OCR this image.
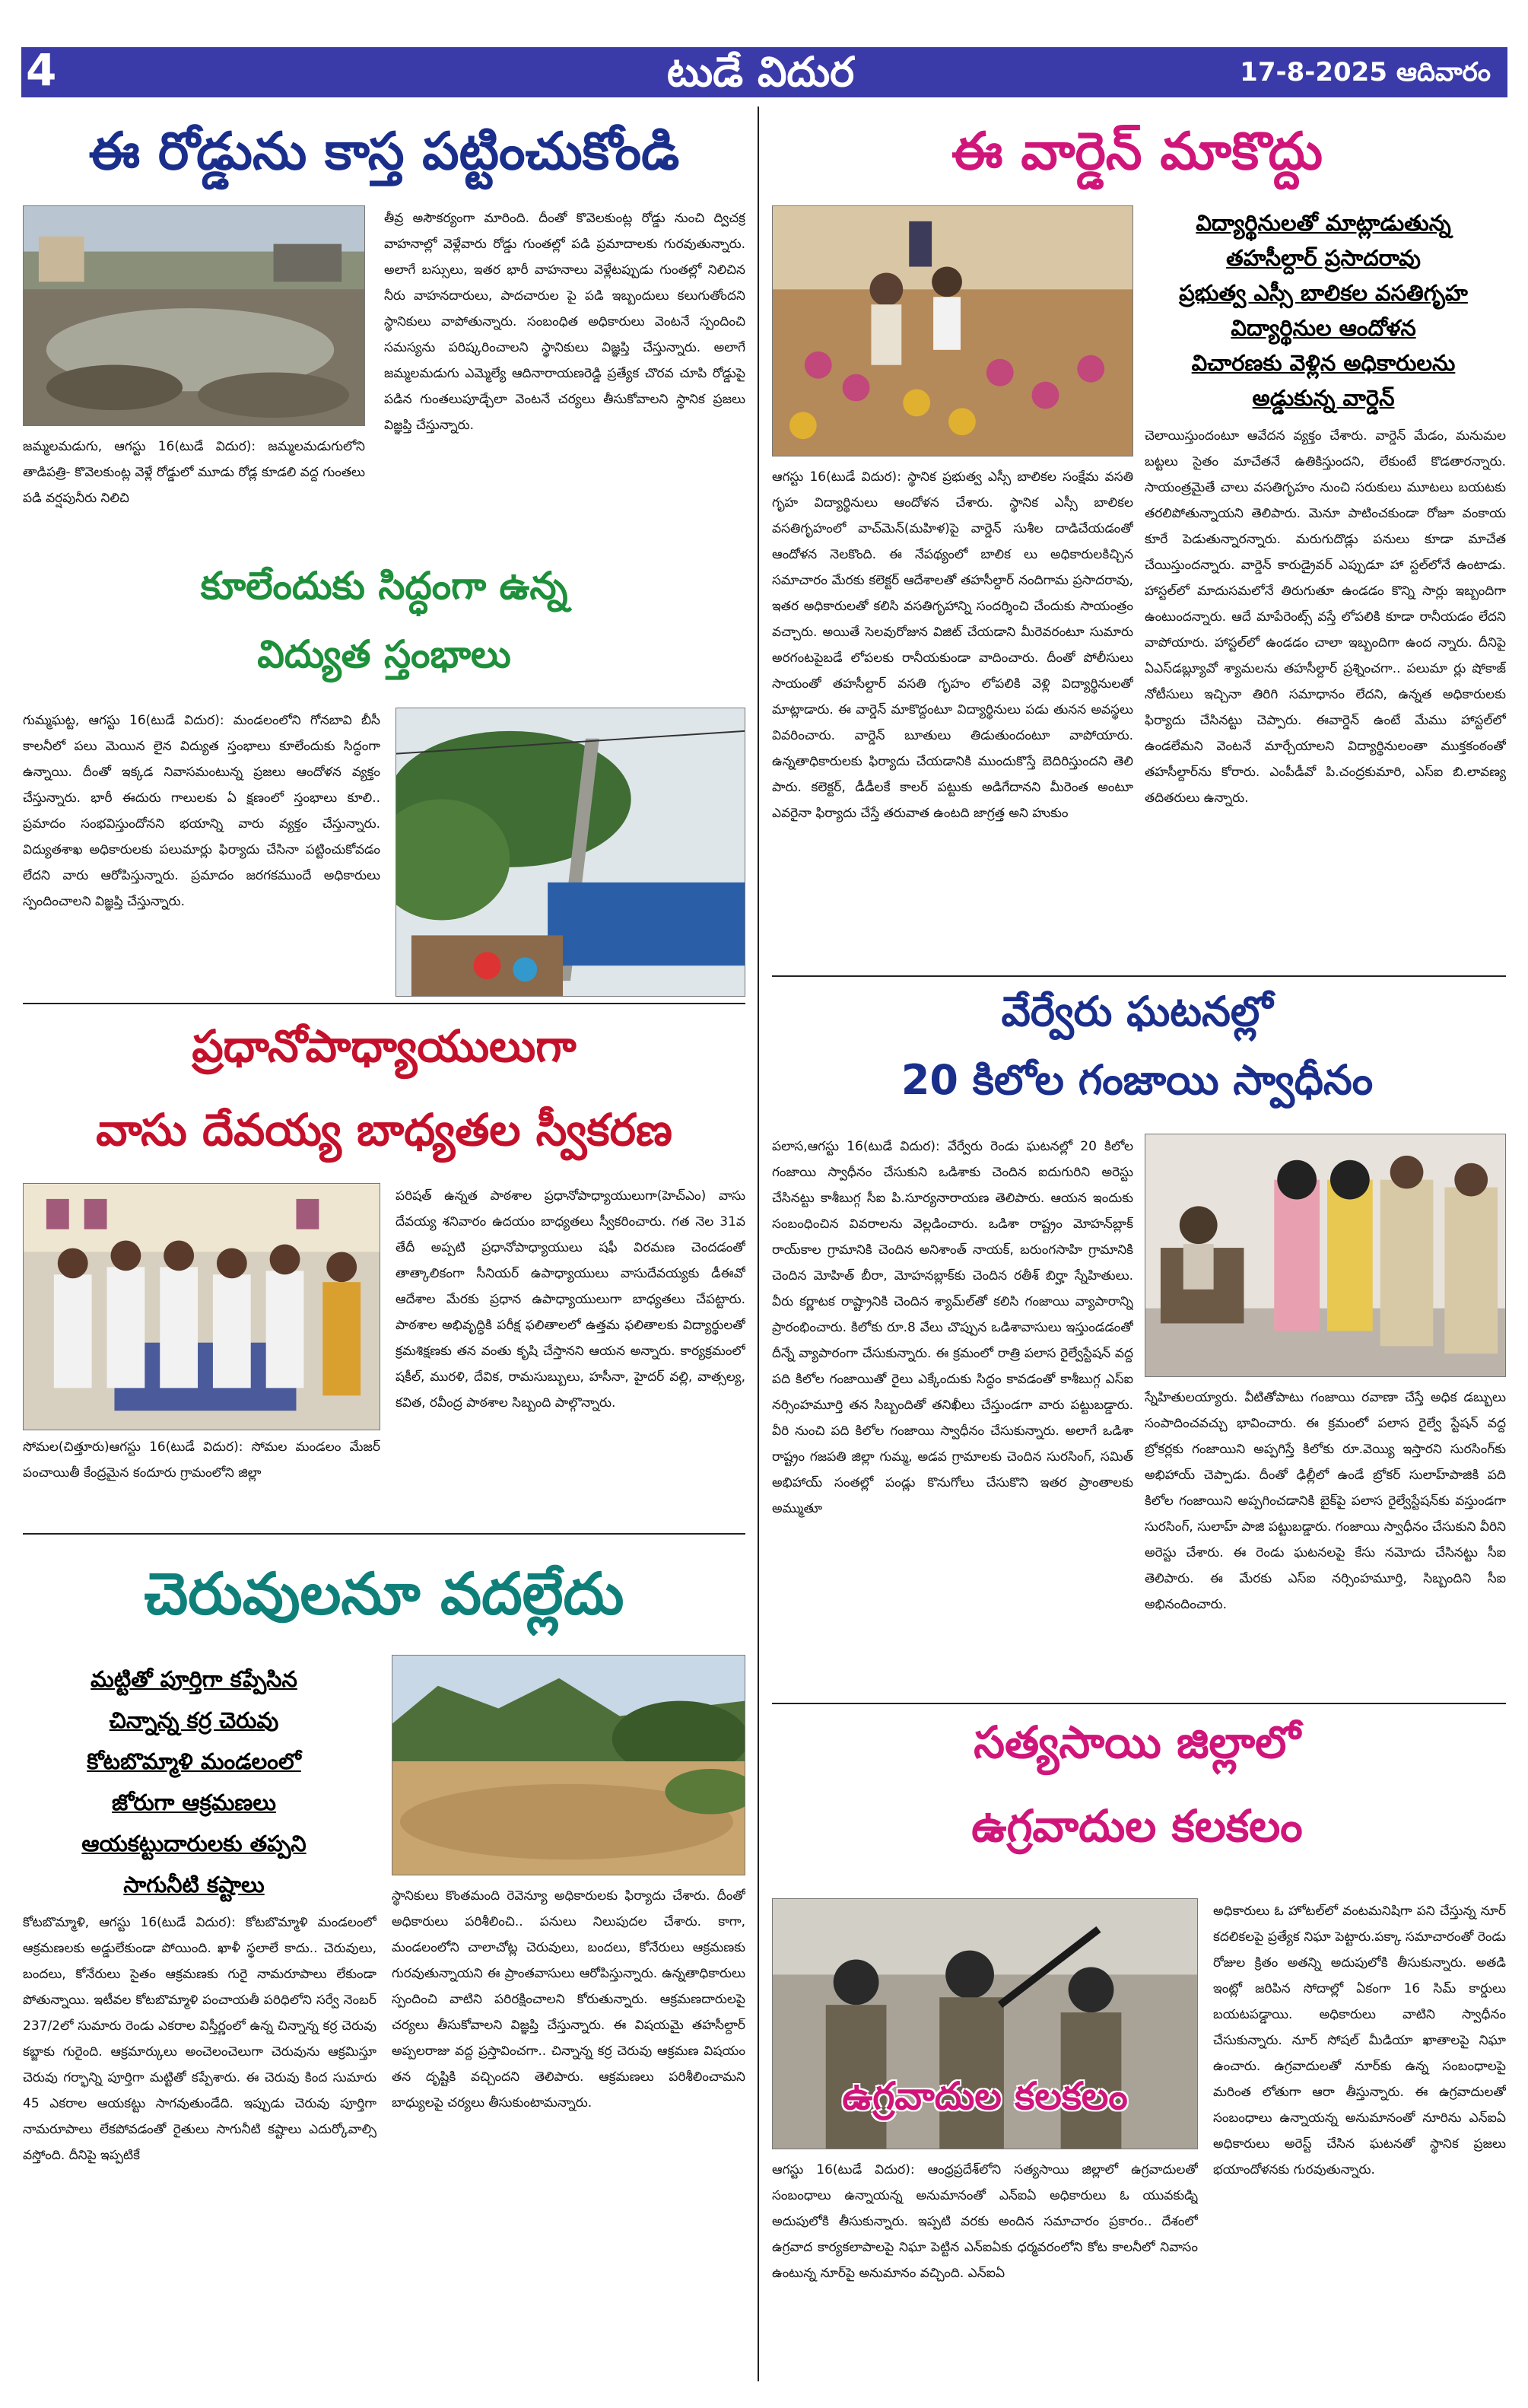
4	టుడే విదుర	17-8-2025 ఆదివారం
ఈ రోడ్డును కాస్త పట్టించుకోండి
జమ్మలమడుగు, ఆగస్టు 16(టుడే విదుర): జమ్మలమడుగులోని తాడిపత్రి- కొవెలకుంట్ల వెళ్లే రోడ్డులో మూడు రోడ్ల కూడలి వద్ద గుంతలు పడి వర్షపునీరు నిలిచి
తీవ్ర అసౌకర్యంగా మారింది. దీంతో కొవెలకుంట్ల రోడ్డు నుంచి ద్విచక్ర వాహనాల్లో వెళ్లేవారు రోడ్డు గుంతల్లో పడి ప్రమాదాలకు గురవుతున్నారు. అలాగే బస్సులు, ఇతర భారీ వాహనాలు వెళ్లేటప్పుడు గుంతల్లో నిలిచిన నీరు వాహనదారులు, పాదచారుల పై పడి ఇబ్బందులు కలుగుతోందని స్థానికులు వాపోతున్నారు. సంబంధిత అధికారులు వెంటనే స్పందించి సమస్యను పరిష్కరించాలని స్థానికులు విజ్ఞప్తి చేస్తున్నారు. అలాగే జమ్మలమడుగు ఎమ్మెల్యే ఆదినారాయణరెడ్డి ప్రత్యేక చొరవ చూపి రోడ్డుపై పడిన గుంతలుపూడ్చేలా వెంటనే చర్యలు తీసుకోవాలని స్థానిక ప్రజలు విజ్ఞప్తి చేస్తున్నారు.
కూలేందుకు సిద్ధంగా ఉన్న
విద్యుత స్తంభాలు
గుమ్మఘట్ట, ఆగస్టు 16(టుడే విదుర): మండలంలోని గోనబావి బీసీ కాలనీలో పలు మెయిన లైన విద్యుత స్తంభాలు కూలేందుకు సిద్ధంగా ఉన్నాయి. దీంతో ఇక్కడ నివాసమంటున్న ప్రజలు ఆందోళన వ్యక్తం చేస్తున్నారు. భారీ ఈదురు గాలులకు ఏ క్షణంలో స్తంభాలు కూలి.. ప్రమాదం సంభవిస్తుందోనని భయాన్ని వారు వ్యక్తం చేస్తున్నారు. విద్యుతశాఖ అధికారులకు పలుమార్లు ఫిర్యాదు చేసినా పట్టించుకోవడం లేదని వారు ఆరోపిస్తున్నారు. ప్రమాదం జరగకముందే అధికారులు స్పందించాలని విజ్ఞప్తి చేస్తున్నారు.
ఈ వార్డెన్ మాకొద్దు
విద్యార్థినులతో మాట్లాడుతున్న
తహసీల్దార్ ప్రసాదరావు
ప్రభుత్వ ఎస్సీ బాలికల వసతిగృహ
విద్యార్థినుల ఆందోళన
విచారణకు వెళ్లిన అధికారులను
అడ్డుకున్న వార్డెన్
ఆగస్టు 16(టుడే విదుర): స్థానిక ప్రభుత్వ ఎస్సీ బాలికల సంక్షేమ వసతి గృహ విద్యార్థినులు ఆందోళన చేశారు. స్థానిక ఎస్సీ బాలికల వసతిగృహంలో వాచ్‌మెన్(మహిళ)పై వార్డెన్ సుశీల దాడిచేయడంతో ఆందోళన నెలకొంది. ఈ నేపథ్యంలో బాలిక లు అధికారులకిచ్చిన సమాచారం మేరకు కలెక్టర్ ఆదేశాలతో తహసీల్దార్ నందిగామ ప్రసాదరావు, ఇతర అధికారులతో కలిసి వసతిగృహాన్ని సందర్శించి చేందుకు సాయంత్రం వచ్చారు. అయితే సెలవురోజున విజిట్ చేయడాని మీరెవరంటూ సుమారు అరగంటపైబడే లోపలకు రానీయకుండా వాదించారు. దీంతో పోలీసులు సాయంతో తహసీల్దార్ వసతి గృహం లోపలికి వెళ్లి విద్యార్థినులతో మాట్లాడారు. ఈ వార్డెన్ మాకొద్దంటూ విద్యార్థినులు పడు తునన అవస్థలు వివరించారు. వార్డెన్ బూతులు తిడుతుందంటూ వాపోయారు. ఉన్నతాధికారులకు ఫిర్యాదు చేయడానికి ముందుకొస్తే బెదిరిస్తుందని తెలి పారు. కలెక్టర్, డీడీలకే కాలర్ పట్టుకు అడిగేదానని మీరెంత అంటూ ఎవరైనా ఫిర్యాదు చేస్తే తరువాత ఉంటది జాగ్రత్త అని హుకుం
చెలాయిస్తుందంటూ ఆవేదన వ్యక్తం చేశారు. వార్డెన్ మేడం, మనుమల బట్టలు సైతం మాచేతనే ఉతికిస్తుందని, లేకుంటే కొడతారన్నారు. సాయంత్రమైతే చాలు వసతిగృహం నుంచి సరుకులు మూటలు బయటకు తరలిపోతున్నాయని తెలిపారు. మెనూ పాటించకుండా రోజూ వంకాయ కూరే పెడుతున్నారన్నారు. మరుగుదొడ్లు పనులు కూడా మాచేత చేయిస్తుందన్నారు. వార్డెన్ కారుడ్రైవర్ ఎప్పుడూ హా స్టల్‌లోనే ఉంటాడు. హాస్టల్‌లో మాదుసమలోనే తిరుగుతూ ఉండడం కొన్ని సార్లు ఇబ్బందిగా ఉంటుందన్నారు. ఆదే మాపేరెంట్స్ వస్తే లోపలికి కూడా రానీయడం లేదని వాపోయారు. హాస్టల్‌లో ఉండడం చాలా ఇబ్బందిగా ఉంద న్నారు. దీనిపై ఏఎస్‌డబ్ల్యూవో శ్యామలను తహసీల్దార్ ప్రశ్నించగా.. పలుమా ర్లు షోకాజ్ నోటీసులు ఇచ్చినా తిరిగి సమాధానం లేదని, ఉన్నత అధికారులకు ఫిర్యాదు చేసినట్టు చెప్పారు. ఈవార్డెన్ ఉంటే మేము హాస్టల్‌లో ఉండలేమని వెంటనే మార్చేయాలని విద్యార్థినులంతా ముక్తకంఠంతో తహసీల్దార్‌ను కోరారు. ఎంపీడీవో పి.చంద్రకుమారి, ఎస్ఐ బి.లావణ్య తదితరులు ఉన్నారు.
వేర్వేరు ఘటనల్లో
20 కిలోల గంజాయి స్వాధీనం
పలాస,ఆగస్టు 16(టుడే విదుర): వేర్వేరు రెండు ఘటనల్లో 20 కిలోల గంజాయి స్వాధీనం చేసుకుని ఒడిశాకు చెందిన ఐదుగురిని అరెస్టు చేసినట్టు కాశీబుగ్గ సీఐ పి.సూర్యనారాయణ తెలిపారు. ఆయన ఇందుకు సంబంధించిన వివరాలను వెల్లడించారు. ఒడిశా రాష్ట్రం మోహన్‌బ్లాక్ రాయ్‌కాల గ్రామానికి చెందిన అనిశాంత్ నాయక్, బరుంగసాహి గ్రామానికి చెందిన మోహిత్ బీరా, మోహనబ్లాక్‌కు చెందిన రతీశ్ బిర్హా స్నేహితులు. వీరు కర్ణాటక రాష్ట్రానికి చెందిన శ్యామ్‌ల్‌తో కలిసి గంజాయి వ్యాపారాన్ని ప్రారంభించారు. కిలోకు రూ.8 వేలు చొప్పున ఒడిశావాసులు ఇస్తుండడంతో దీన్నే వ్యాపారంగా చేసుకున్నారు. ఈ క్రమంలో రాత్రి పలాస రైల్వేస్టేషన్ వద్ద పది కిలోల గంజాయితో రైలు ఎక్కేందుకు సిద్ధం కావడంతో కాశీబుగ్గ ఎస్ఐ నర్సింహమూర్తి తన సిబ్బందితో తనిఖీలు చేస్తుండగా వారు పట్టుబడ్డారు. వీరి నుంచి పది కిలోల గంజాయి స్వాధీనం చేసుకున్నారు. అలాగే ఒడిశా రాష్ట్రం గజపతి జిల్లా గుమ్మ, అడవ గ్రామాలకు చెందిన సురసింగ్, సమిత్ అభిహాయ్ సంతల్లో పండ్లు కొనుగోలు చేసుకొని ఇతర ప్రాంతాలకు అమ్ముతూ
స్నేహితులయ్యారు. వీటితోపాటు గంజాయి రవాణా చేస్తే అధిక డబ్బులు సంపాదించవచ్చు భావించారు. ఈ క్రమంలో పలాస రైల్వే స్టేషన్ వద్ద బ్రోకర్లకు గంజాయిని అప్పగిస్తే కిలోకు రూ.వెయ్యి ఇస్తారని సురసింగ్‌కు అభిహాయ్ చెప్పాడు. దీంతో ఢిల్లీలో ఉండే బ్రోకర్ సులాహ్‌పాజికి పది కిలోల గంజాయిని అప్పగించడానికి బైక్‌పై పలాస రైల్వేస్టేషన్‌కు వస్తుండగా సురసింగ్, సులాహ్ పాజి పట్టుబడ్డారు. గంజాయి స్వాధీనం చేసుకుని వీరిని అరెస్టు చేశారు. ఈ రెండు ఘటనలపై కేసు నమోదు చేసినట్టు సీఐ తెలిపారు. ఈ మేరకు ఎస్ఐ నర్సింహమూర్తి, సిబ్బందిని సీఐ అభినందించారు.
ప్రధానోపాధ్యాయులుగా
వాసు దేవయ్య బాధ్యతల స్వీకరణ
సోమల(చిత్తూరు)ఆగస్టు 16(టుడే విదుర): సోమల మండలం మేజర్ పంచాయితీ కేంద్రమైన కందూరు గ్రామంలోని జిల్లా
పరిషత్ ఉన్నత పాఠశాల ప్రధానోపాధ్యాయులుగా(హెచ్ఎం) వాసు దేవయ్య శనివారం ఉదయం బాధ్యతలు స్వీకరించారు. గత నెల 31వ తేదీ అప్పటి ప్రధానోపాధ్యాయులు షఫీ విరమణ చెందడంతో తాత్కాలికంగా సీనియర్ ఉపాధ్యాయులు వాసుదేవయ్యకు డీఈవో ఆదేశాల మేరకు ప్రధాన ఉపాధ్యాయులుగా బాధ్యతలు చేపట్టారు. పాఠశాల అభివృద్ధికి పరీక్ష ఫలితాలలో ఉత్తమ ఫలితాలకు విద్యార్థులతో క్రమశిక్షణకు తన వంతు కృషి చేస్తానని ఆయన అన్నారు. కార్యక్రమంలో షకీల్, మురళి, దేవిక, రామసుబ్బులు, హసీనా, హైదర్ వల్లి, వాత్సల్య, కవిత, రవీంద్ర పాఠశాల సిబ్బంది పాల్గొన్నారు.
చెరువులనూ వదల్లేదు
మట్టితో పూర్తిగా కప్పేసిన
చిన్నాన్న కర్ర చెరువు
కోటబొమ్మాళి మండలంలో
జోరుగా ఆక్రమణలు
ఆయకట్టుదారులకు తప్పని
సాగునీటి కష్టాలు
కోటబొమ్మాళి, ఆగస్టు 16(టుడే విదుర): కోటబొమ్మాళి మండలంలో ఆక్రమణలకు అడ్డులేకుండా పోయింది. ఖాళీ స్థలాలే కాదు.. చెరువులు, బందలు, కోనేరులు సైతం ఆక్రమణకు గురై నామరూపాలు లేకుండా పోతున్నాయి. ఇటీవల కోటబొమ్మాళి పంచాయతీ పరిధిలోని సర్వే నెంబర్ 237/2లో సుమారు రెండు ఎకరాల విస్తీర్ణంలో ఉన్న చిన్నాన్న కర్ర చెరువు కబ్జాకు గురైంది. ఆక్రమార్కులు అంచెలంచెలుగా చెరువును ఆక్రమిస్తూ చెరువు గర్భాన్ని పూర్తిగా మట్టితో కప్పేశారు. ఈ చెరువు కింద సుమారు 45 ఎకరాల ఆయకట్టు సాగవుతుండేది. ఇప్పుడు చెరువు పూర్తిగా నామరూపాలు లేకపోవడంతో రైతులు సాగునీటి కష్టాలు ఎదుర్కోవాల్సి వస్తోంది. దీనిపై ఇప్పటికే
స్థానికులు కొంతమంది రెవెన్యూ అధికారులకు ఫిర్యాదు చేశారు. దీంతో అధికారులు పరిశీలించి.. పనులు నిలుపుదల చేశారు. కాగా, మండలంలోని చాలాచోట్ల చెరువులు, బందలు, కోనేరులు ఆక్రమణకు గురవుతున్నాయని ఈ ప్రాంతవాసులు ఆరోపిస్తున్నారు. ఉన్నతాధికారులు స్పందించి వాటిని పరిరక్షించాలని కోరుతున్నారు. ఆక్రమణదారులపై చర్యలు తీసుకోవాలని విజ్ఞప్తి చేస్తున్నారు. ఈ విషయమై తహసీల్దార్ అప్పలరాజు వద్ద ప్రస్తావించగా.. చిన్నాన్న కర్ర చెరువు ఆక్రమణ విషయం తన దృష్టికి వచ్చిందని తెలిపారు. ఆక్రమణలు పరిశీలించామని బాధ్యులపై చర్యలు తీసుకుంటామన్నారు.
సత్యసాయి జిల్లాలో
ఉగ్రవాదుల కలకలం
ఉగ్రవాదుల కలకలం
ఆగస్టు 16(టుడే విదుర): ఆంధ్రప్రదేశ్‌లోని సత్యసాయి జిల్లాలో ఉగ్రవాదులతో సంబంధాలు ఉన్నాయన్న అనుమానంతో ఎన్ఐఏ అధికారులు ఓ యువకుడ్ని అదుపులోకి తీసుకున్నారు. ఇప్పటి వరకు అందిన సమాచారం ప్రకారం.. దేశంలో ఉగ్రవాద కార్యకలాపాలపై నిఘా పెట్టిన ఎన్ఐఏకు ధర్మవరంలోని కోట కాలనీలో నివాసం ఉంటున్న నూర్‌పై అనుమానం వచ్చింది. ఎన్ఐఏ
అధికారులు ఓ హోటల్‌లో వంటమనిషిగా పని చేస్తున్న నూర్ కదలికలపై ప్రత్యేక నిఘా పెట్టారు.పక్కా సమాచారంతో రెండు రోజుల క్రితం అతన్ని అదుపులోకి తీసుకున్నారు. అతడి ఇంట్లో జరిపిన సోదాల్లో ఏకంగా 16 సిమ్ కార్డులు బయటపడ్డాయి. అధికారులు వాటిని స్వాధీనం చేసుకున్నారు. నూర్ సోషల్ మీడియా ఖాతాలపై నిఘా ఉంచారు. ఉగ్రవాదులతో నూర్‌కు ఉన్న సంబంధాలపై మరింత లోతుగా ఆరా తీస్తున్నారు. ఈ ఉగ్రవాదులతో సంబంధాలు ఉన్నాయన్న అనుమానంతో నూరిను ఎన్ఐఏ అధికారులు అరెస్ట్ చేసిన ఘటనతో స్థానిక ప్రజలు భయాందోళనకు గురవుతున్నారు.
